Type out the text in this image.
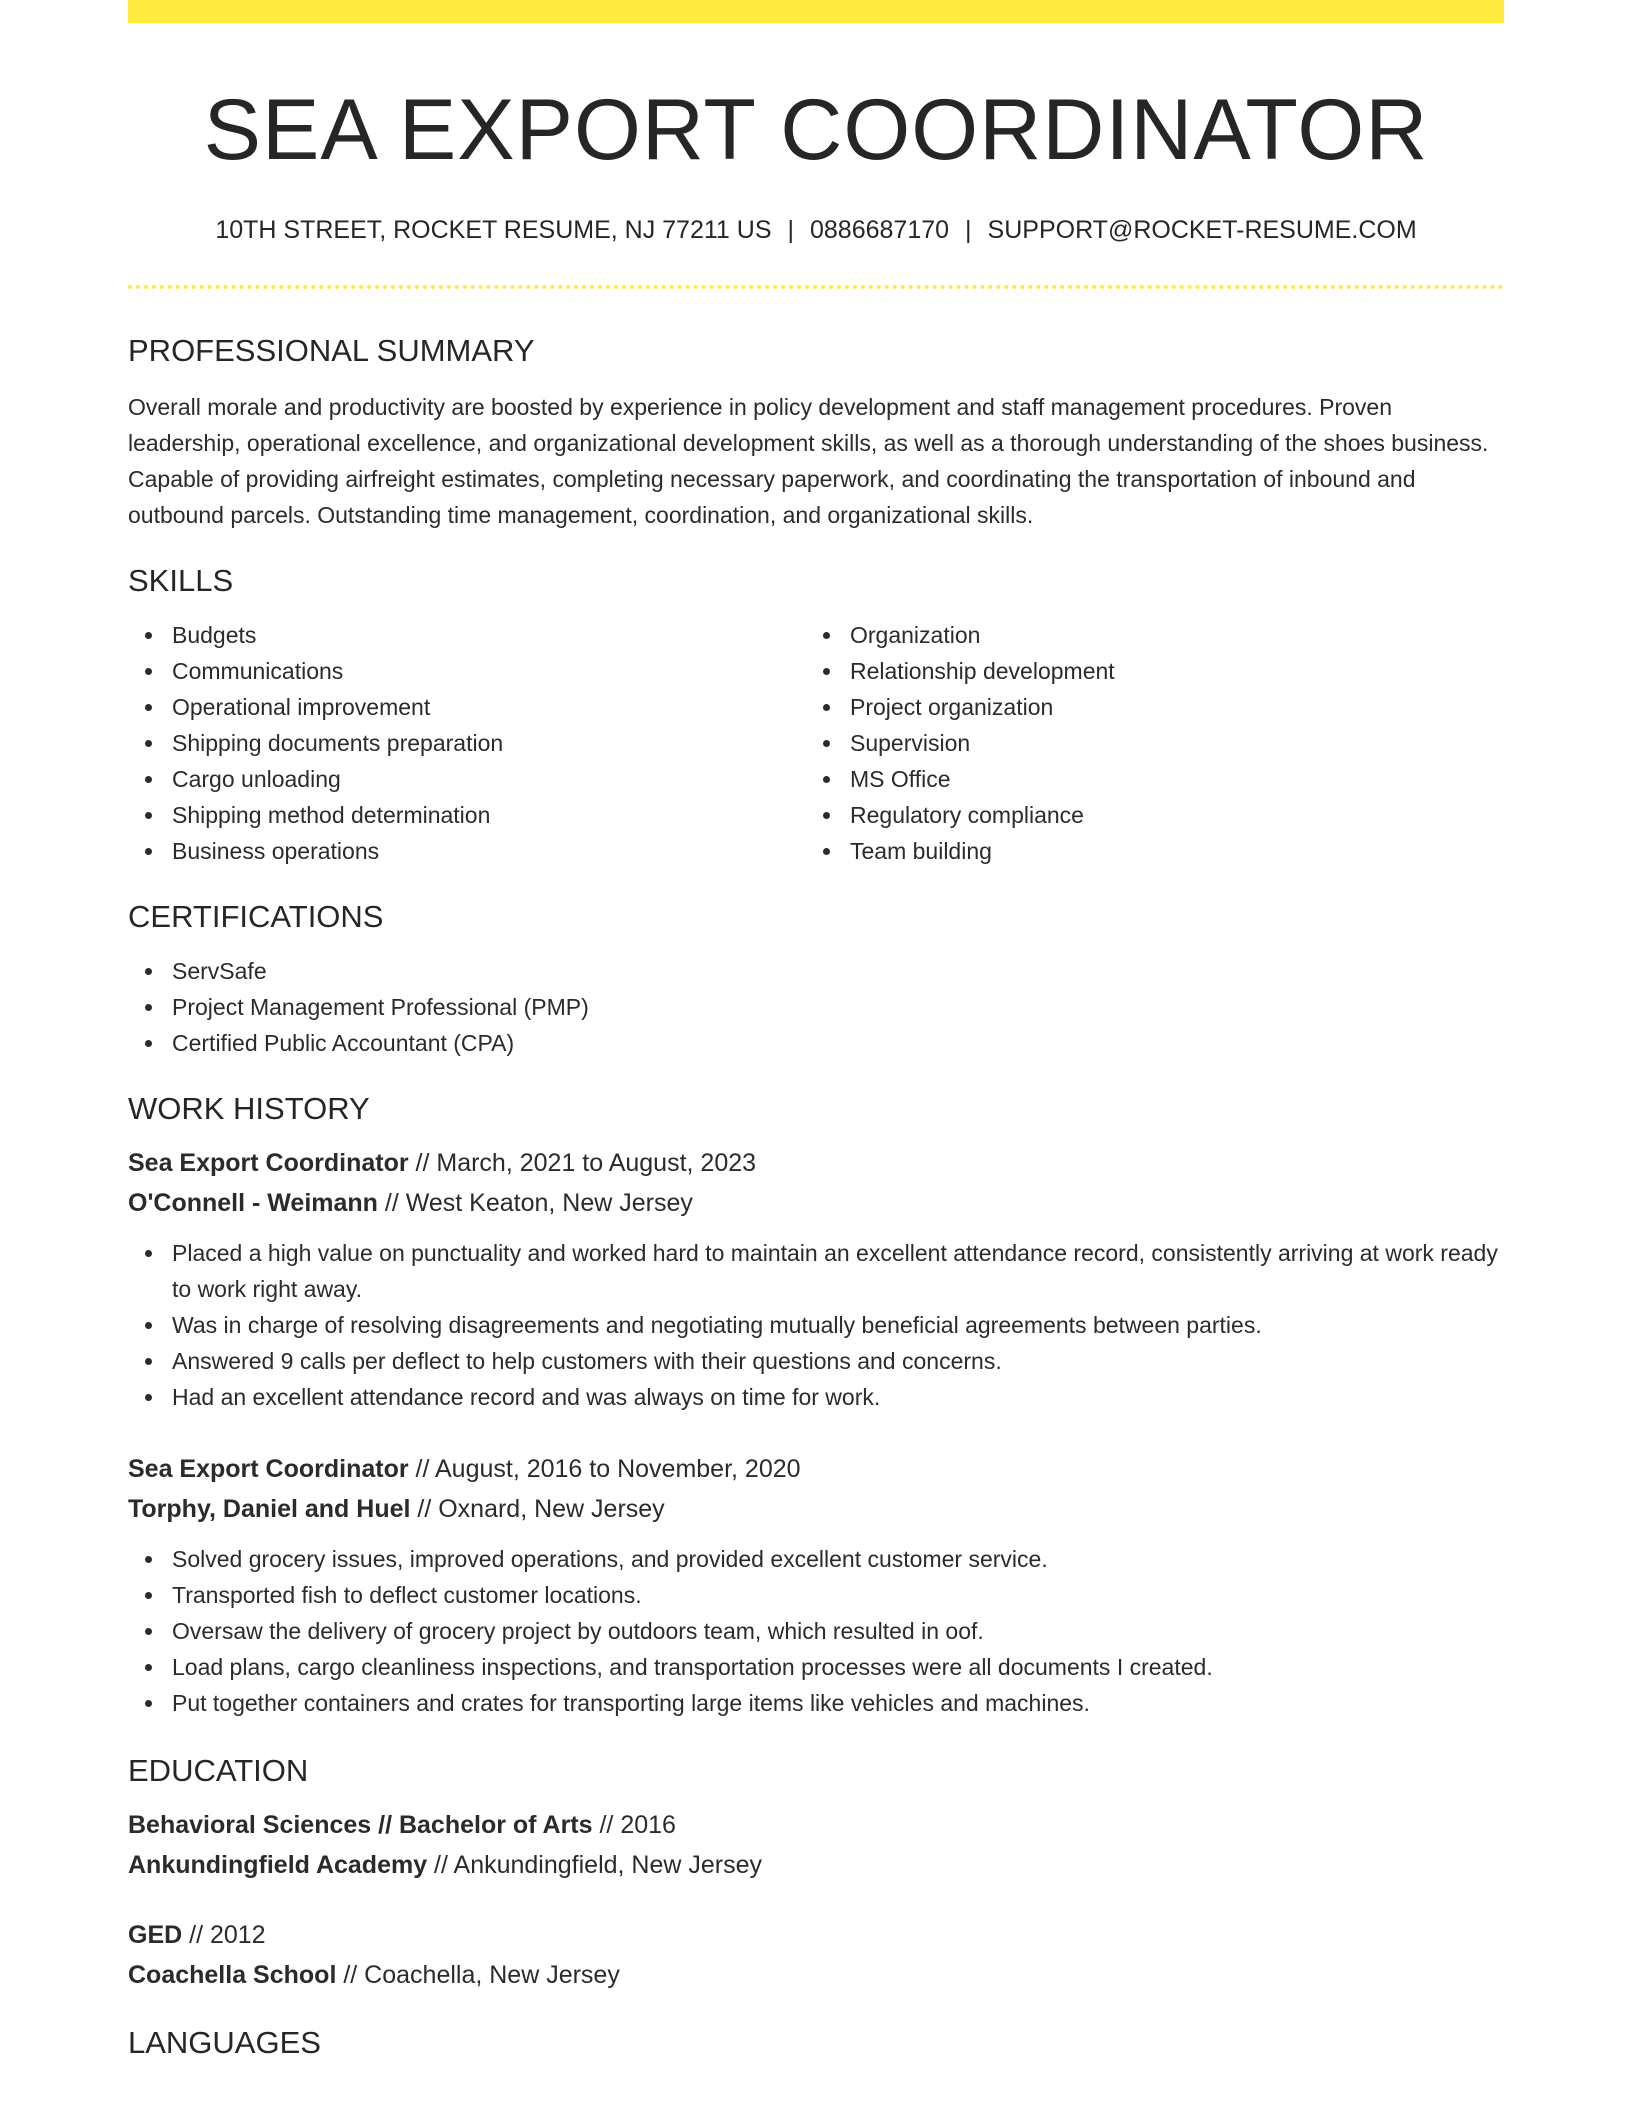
SEA EXPORT COORDINATOR
10TH STREET, ROCKET RESUME, NJ 77211 US | 0886687170 | SUPPORT@ROCKET-RESUME.COM
PROFESSIONAL SUMMARY

Overall morale and productivity are boosted by experience in policy development and staff management procedures. Proven leadership, operational excellence, and organizational development skills, as well as a thorough understanding of the shoes business. Capable of providing airfreight estimates, completing necessary paperwork, and coordinating the transportation of inbound and outbound parcels. Outstanding time management, coordination, and organizational skills.

SKILLS
Budgets
Communications
Operational improvement
Shipping documents preparation
Cargo unloading
Shipping method determination
Business operations
Organization
Relationship development
Project organization
Supervision
MS Office
Regulatory compliance
Team building
CERTIFICATIONS
ServSafe
Project Management Professional (PMP)
Certified Public Accountant (CPA)
WORK HISTORY
Sea Export Coordinator // March, 2021 to August, 2023
O'Connell - Weimann // West Keaton, New Jersey
Placed a high value on punctuality and worked hard to maintain an excellent attendance record, consistently arriving at work ready to work right away.
Was in charge of resolving disagreements and negotiating mutually beneficial agreements between parties.
Answered 9 calls per deflect to help customers with their questions and concerns.
Had an excellent attendance record and was always on time for work.
Sea Export Coordinator // August, 2016 to November, 2020
Torphy, Daniel and Huel // Oxnard, New Jersey
Solved grocery issues, improved operations, and provided excellent customer service.
Transported fish to deflect customer locations.
Oversaw the delivery of grocery project by outdoors team, which resulted in oof.
Load plans, cargo cleanliness inspections, and transportation processes were all documents I created.
Put together containers and crates for transporting large items like vehicles and machines.
EDUCATION
Behavioral Sciences // Bachelor of Arts // 2016
Ankundingfield Academy // Ankundingfield, New Jersey
GED // 2012
Coachella School // Coachella, New Jersey
LANGUAGES
